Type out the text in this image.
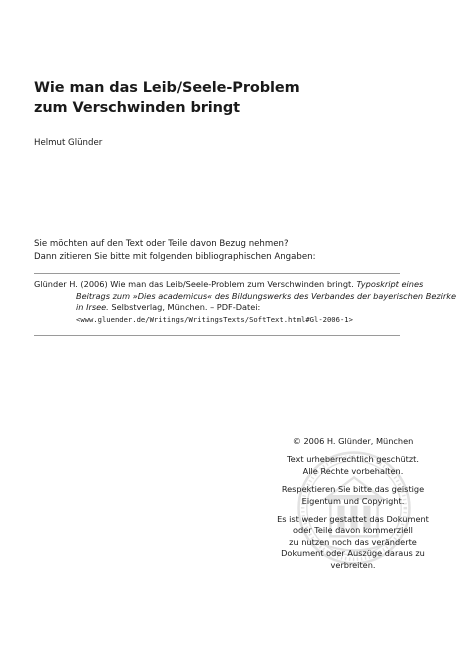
Wie man das Leib/Seele-Problem
zum Verschwinden bringt
Helmut Glünder
Sie möchten auf den Text oder Teile davon Bezug nehmen?
Dann zitieren Sie bitte mit folgenden bibliographischen Angaben:
Glünder H. (2006) Wie man das Leib/Seele-Problem zum Verschwinden bringt. Typoskript eines
Beitrags zum »Dies academicus« des Bildungswerks des Verbandes der bayerischen Bezirke
in Irsee. Selbstverlag, München. – PDF-Datei:
<www.gluender.de/Writings/WritingsTexts/SoftText.html#Gl-2006-1>
© 2006 H. Glünder, München
Text urheberrechtlich geschützt.
Alle Rechte vorbehalten.
Respektieren Sie bitte das geistige
Eigentum und Copyright.
Es ist weder gestattet das Dokument
oder Teile davon kommerziell
zu nutzen noch das veränderte
Dokument oder Auszüge daraus zu
verbreiten.
